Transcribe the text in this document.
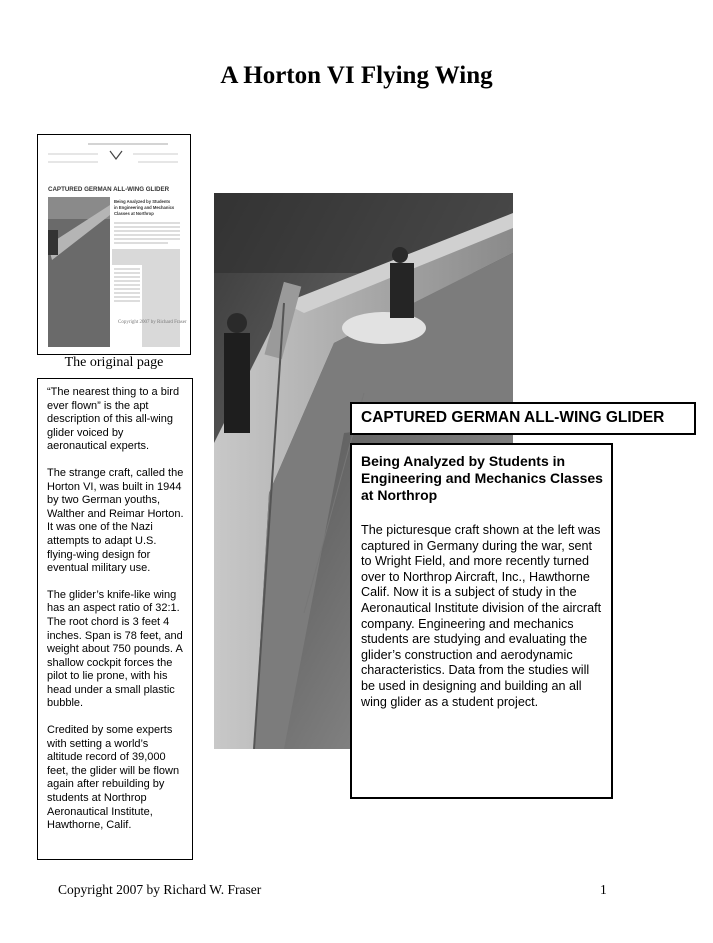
A Horton VI Flying Wing
CAPTURED GERMAN ALL-WING GLIDER
Being Analyzed by Students
in Engineering and Mechanics
Classes at Northrop
Copyright 2007 by Richard Fraser
The original page

“The nearest thing to a bird ever flown” is the apt description of this all-wing glider voiced by aeronautical experts.

The strange craft, called the Horton VI, was built in 1944 by two German youths, Walther and Reimar Horton. It was one of the Nazi attempts to adapt U.S. flying-wing design for eventual military use.

The glider’s knife-like wing has an aspect ratio of 32:1. The root chord is 3 feet 4 inches. Span is 78 feet, and weight about 750 pounds. A shallow cockpit forces the pilot to lie prone, with his head under a small plastic bubble.

Credited by some experts with setting a world’s altitude record of 39,000 feet, the glider will be flown again after rebuilding by students at Northrop Aeronautical Institute, Hawthorne, Calif.

CAPTURED GERMAN ALL-WING GLIDER

Being Analyzed by Students in Engineering and Mechanics Classes at Northrop

The picturesque craft shown at the left was captured in Germany during the war, sent to Wright Field, and more recently turned over to Northrop Aircraft, Inc., Hawthorne Calif. Now it is a subject of study in the Aeronautical Institute division of the aircraft company. Engineering and mechanics students are studying and evaluating the glider’s construction and aerodynamic characteristics. Data from the studies will be used in designing and building an all wing glider as a student project.

Copyright 2007 by Richard W. Fraser	1
